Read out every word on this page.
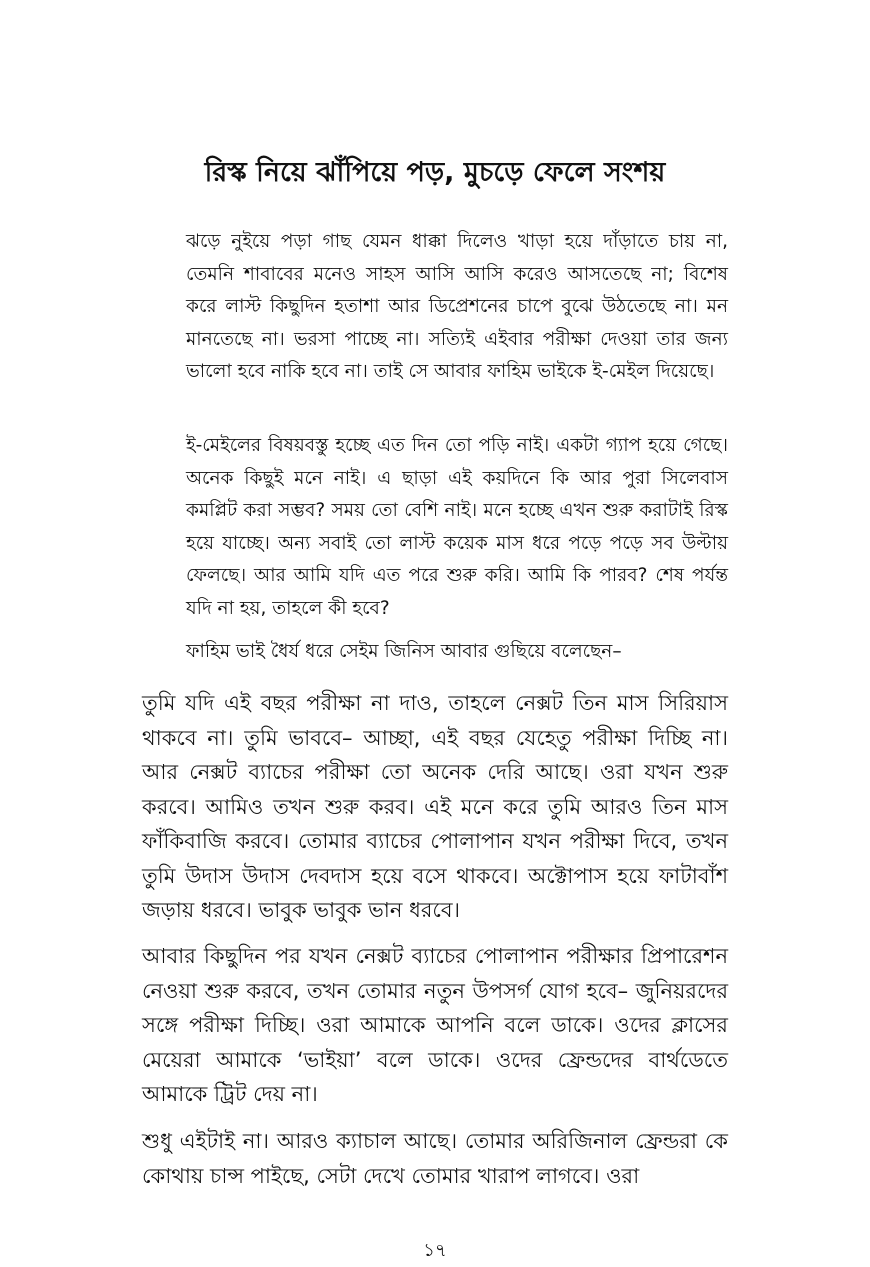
রিস্ক নিয়ে ঝাঁপিয়ে পড়, মুচড়ে ফেলে সংশয়

ঝড়ে নুইয়ে পড়া গাছ যেমন ধাক্কা দিলেও খাড়া হয়ে দাঁড়াতে চায় না, তেমনি শাবাবের মনেও সাহস আসি আসি করেও আসতেছে না; বিশেষ করে লাস্ট কিছুদিন হতাশা আর ডিপ্রেশনের চাপে বুঝে উঠতেছে না। মন মানতেছে না। ভরসা পাচ্ছে না। সত্যিই এইবার পরীক্ষা দেওয়া তার জন্য ভালো হবে নাকি হবে না। তাই সে আবার ফাহিম ভাইকে ই-মেইল দিয়েছে।

ই-মেইলের বিষয়বস্তু হচ্ছে এত দিন তো পড়ি নাই। একটা গ্যাপ হয়ে গেছে। অনেক কিছুই মনে নাই। এ ছাড়া এই কয়দিনে কি আর পুরা সিলেবাস কমপ্লিট করা সম্ভব? সময় তো বেশি নাই। মনে হচ্ছে এখন শুরু করাটাই রিস্ক হয়ে যাচ্ছে। অন্য সবাই তো লাস্ট কয়েক মাস ধরে পড়ে পড়ে সব উল্টায় ফেলছে। আর আমি যদি এত পরে শুরু করি। আমি কি পারব? শেষ পর্যন্ত যদি না হয়, তাহলে কী হবে?

ফাহিম ভাই ধৈর্য ধরে সেইম জিনিস আবার গুছিয়ে বলেছেন–

তুমি যদি এই বছর পরীক্ষা না দাও, তাহলে নেক্সট তিন মাস সিরিয়াস থাকবে না। তুমি ভাববে– আচ্ছা, এই বছর যেহেতু পরীক্ষা দিচ্ছি না। আর নেক্সট ব্যাচের পরীক্ষা তো অনেক দেরি আছে। ওরা যখন শুরু করবে। আমিও তখন শুরু করব। এই মনে করে তুমি আরও তিন মাস ফাঁকিবাজি করবে। তোমার ব্যাচের পোলাপান যখন পরীক্ষা দিবে, তখন তুমি উদাস উদাস দেবদাস হয়ে বসে থাকবে। অক্টোপাস হয়ে ফাটাবাঁশ জড়ায় ধরবে। ভাবুক ভাবুক ভান ধরবে।

আবার কিছুদিন পর যখন নেক্সট ব্যাচের পোলাপান পরীক্ষার প্রিপারেশন নেওয়া শুরু করবে, তখন তোমার নতুন উপসর্গ যোগ হবে– জুনিয়রদের সঙ্গে পরীক্ষা দিচ্ছি। ওরা আমাকে আপনি বলে ডাকে। ওদের ক্লাসের মেয়েরা আমাকে ‘ভাইয়া’ বলে ডাকে। ওদের ফ্রেন্ডদের বার্থডেতে আমাকে ট্রিট দেয় না।

শুধু এইটাই না। আরও ক্যাচাল আছে। তোমার অরিজিনাল ফ্রেন্ডরা কে কোথায় চান্স পাইছে, সেটা দেখে তোমার খারাপ লাগবে। ওরা

১৭
